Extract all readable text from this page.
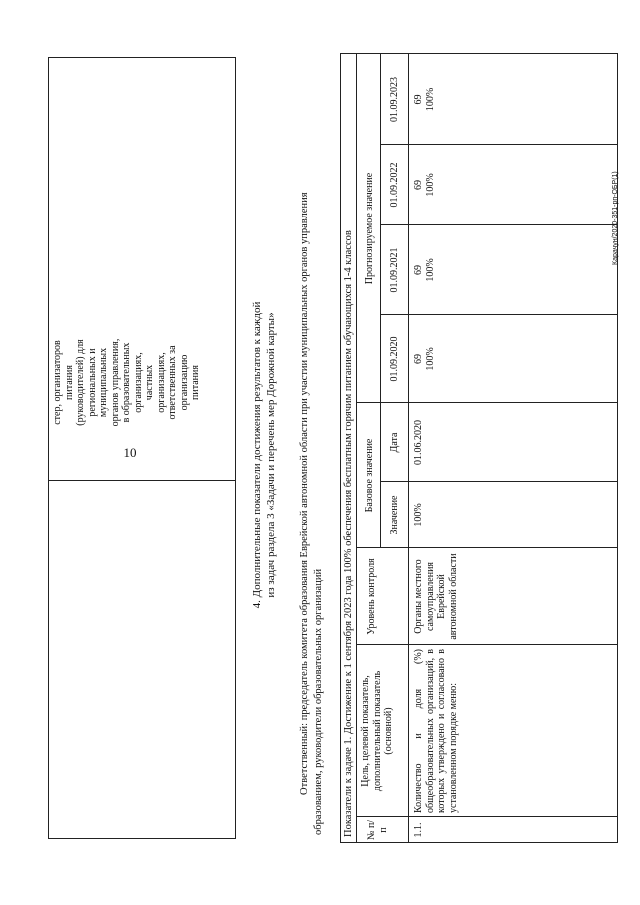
стер, организаторов питания (руководителей) для региональных и муниципальных органов управления, в образовательных организациях, частных организациях, ответственных за организацию питания
10	4. Дополнительные показатели достижения результатов к каждой из задач раздела 3 «Задачи и перечень мер Дорожной карты» Ответственный: председатель комитета образования Еврейской автономной области при участии муниципальных органов управления образованием, руководители образовательных организаций Показатели к задаче 1. Достижение к 1 сентября 2023 года 100% обеспечения бесплатным горячим питанием обучающихся 1-4 классов № п/п
Цель, целевой показатель, дополнительный показатель (основной)
Уровень контроля
Базовое значение
Прогнозируемое значение
Значение
Дата
01.09.2020
01.09.2021
01.09.2022
01.09.2023
1.1.
Количество и доля (%) общеобразовательных организаций, в которых утверждено и согласовано в установленном порядке меню:
Органы местного самоуправления Еврейской автономной области
100%
01.06.2020
69 100%
69 100%
69 100%
69 100%
Карачун/2020-351-рп-ОБР(1)
